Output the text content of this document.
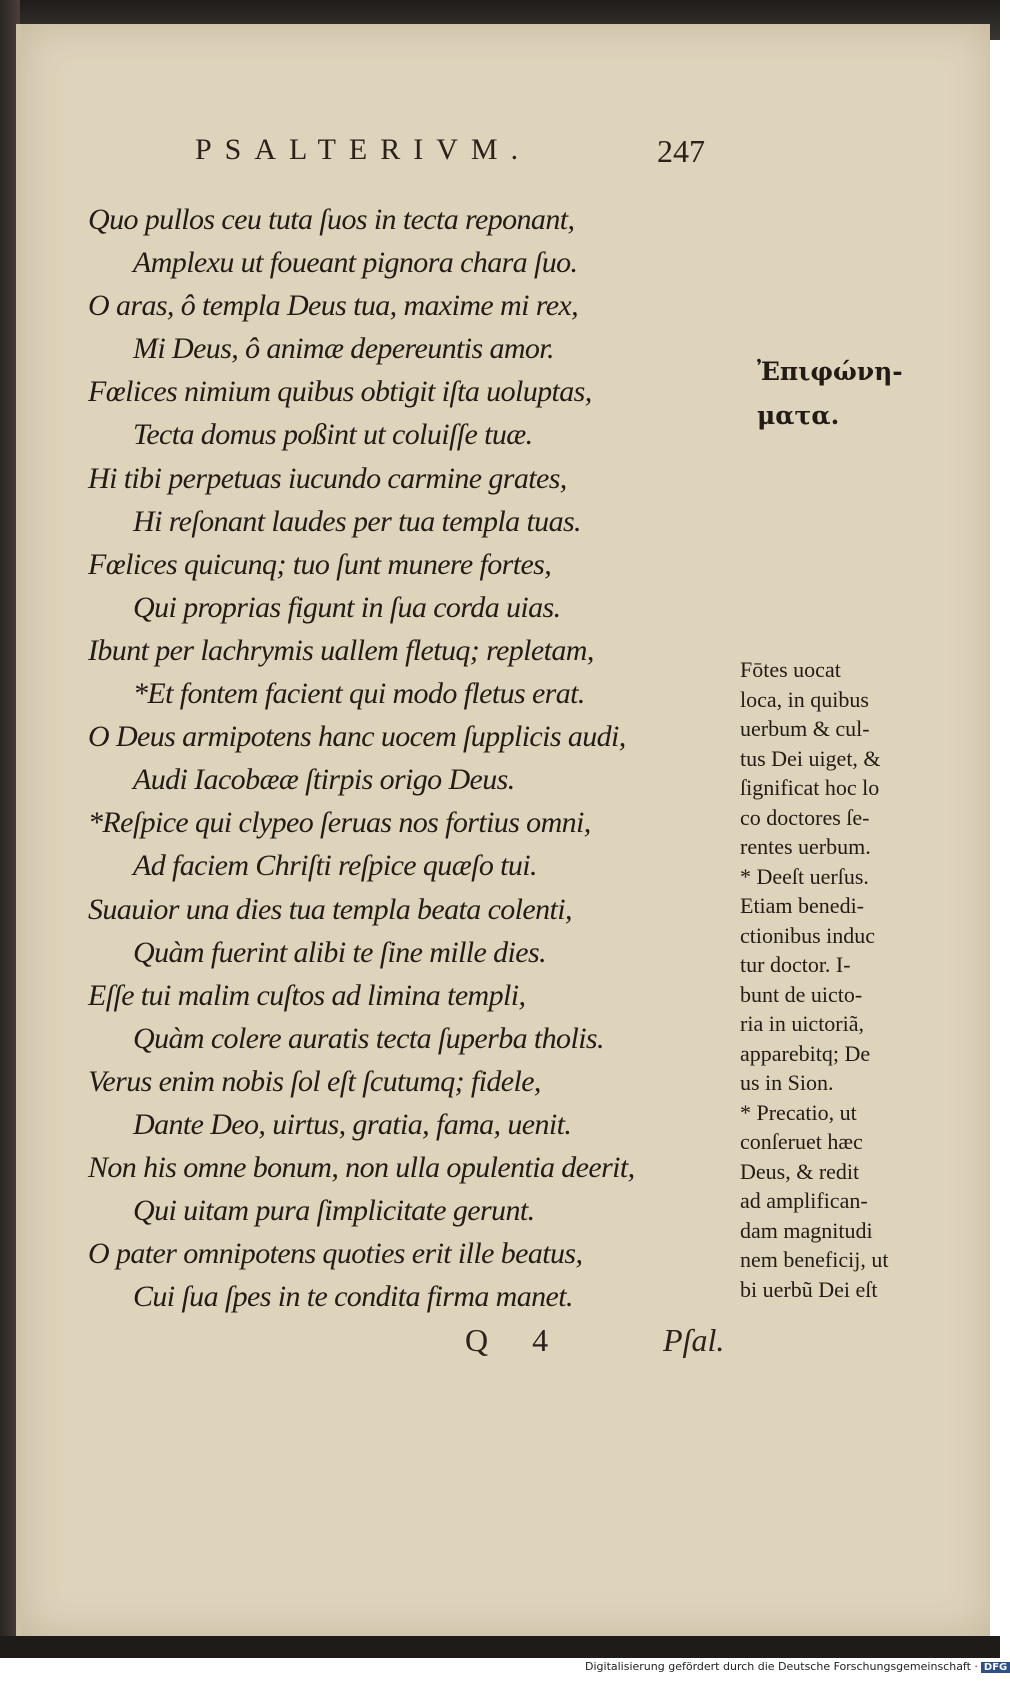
PSALTERIVM.	247
Quo pullos ceu tuta ſuos in tecta reponant,
Amplexu ut foueant pignora chara ſuo.
O aras, ô templa Deus tua, maxime mi rex,
Mi Deus, ô animæ depereuntis amor.
Fœlices nimium quibus obtigit iſta uoluptas,
Tecta domus poßint ut coluiſſe tuæ.
Hi tibi perpetuas iucundo carmine grates,
Hi reſonant laudes per tua templa tuas.
Fœlices quicunq; tuo ſunt munere fortes,
Qui proprias figunt in ſua corda uias.
Ibunt per lachrymis uallem fletuq; repletam,
*Et fontem facient qui modo fletus erat.
O Deus armipotens hanc uocem ſupplicis audi,
Audi Iacobææ ſtirpis origo Deus.
*Reſpice qui clypeo ſeruas nos fortius omni,
Ad faciem Chriſti reſpice quæſo tui.
Suauior una dies tua templa beata colenti,
Quàm fuerint alibi te ſine mille dies.
Eſſe tui malim cuſtos ad limina templi,
Quàm colere auratis tecta ſuperba tholis.
Verus enim nobis ſol eſt ſcutumq; fidele,
Dante Deo, uirtus, gratia, fama, uenit.
Non his omne bonum, non ulla opulentia deerit,
Qui uitam pura ſimplicitate gerunt.
O pater omnipotens quoties erit ille beatus,
Cui ſua ſpes in te condita firma manet.
Ἐπιφώνη-
ματα.
Fōtes uocat
loca, in quibus
uerbum & cul-
tus Dei uiget, &
ſignificat hoc lo
co doctores ſe-
rentes uerbum.
* Deeſt uerſus.
Etiam benedi-
ctionibus induc
tur doctor. I-
bunt de uicto-
ria in uictoriã,
apparebitq; De
us in Sion.
* Precatio, ut
conſeruet hæc
Deus, & redit
ad amplifican-
dam magnitudi
nem beneficij, ut
bi uerbũ Dei eſt
Q 4	Pſal.
Digitalisierung gefördert durch die Deutsche Forschungsgemeinschaft · DFG
